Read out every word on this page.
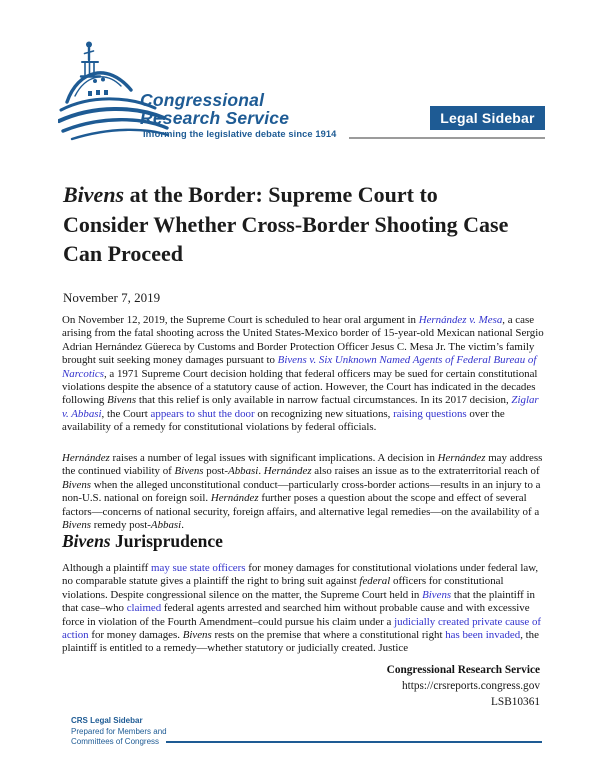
Congressional
Research Service
Informing the legislative debate since 1914
Legal Sidebar
Bivens at the Border: Supreme Court to Consider Whether Cross-Border Shooting Case Can Proceed
November 7, 2019

On November 12, 2019, the Supreme Court is scheduled to hear oral argument in Hernández v. Mesa, a case arising from the fatal shooting across the United States-Mexico border of 15-year-old Mexican national Sergio Adrian Hernández Güereca by Customs and Border Protection Officer Jesus C. Mesa Jr. The victim’s family brought suit seeking money damages pursuant to Bivens v. Six Unknown Named Agents of Federal Bureau of Narcotics, a 1971 Supreme Court decision holding that federal officers may be sued for certain constitutional violations despite the absence of a statutory cause of action. However, the Court has indicated in the decades following Bivens that this relief is only available in narrow factual circumstances. In its 2017 decision, Ziglar v. Abbasi, the Court appears to shut the door on recognizing new situations, raising questions over the availability of a remedy for constitutional violations by federal officials.

Hernández raises a number of legal issues with significant implications. A decision in Hernández may address the continued viability of Bivens post-Abbasi. Hernández also raises an issue as to the extraterritorial reach of Bivens when the alleged unconstitutional conduct—particularly cross-border actions—results in an injury to a non-U.S. national on foreign soil. Hernández further poses a question about the scope and effect of several factors—concerns of national security, foreign affairs, and alternative legal remedies—on the availability of a Bivens remedy post-Abbasi.

Bivens Jurisprudence

Although a plaintiff may sue state officers for money damages for constitutional violations under federal law, no comparable statute gives a plaintiff the right to bring suit against federal officers for constitutional violations. Despite congressional silence on the matter, the Supreme Court held in Bivens that the plaintiff in that case–who claimed federal agents arrested and searched him without probable cause and with excessive force in violation of the Fourth Amendment–could pursue his claim under a judicially created private cause of action for money damages. Bivens rests on the premise that where a constitutional right has been invaded, the plaintiff is entitled to a remedy—whether statutory or judicially created. Justice

Congressional Research Service
https://crsreports.congress.gov
LSB10361
CRS Legal Sidebar
Prepared for Members and
Committees of Congress
